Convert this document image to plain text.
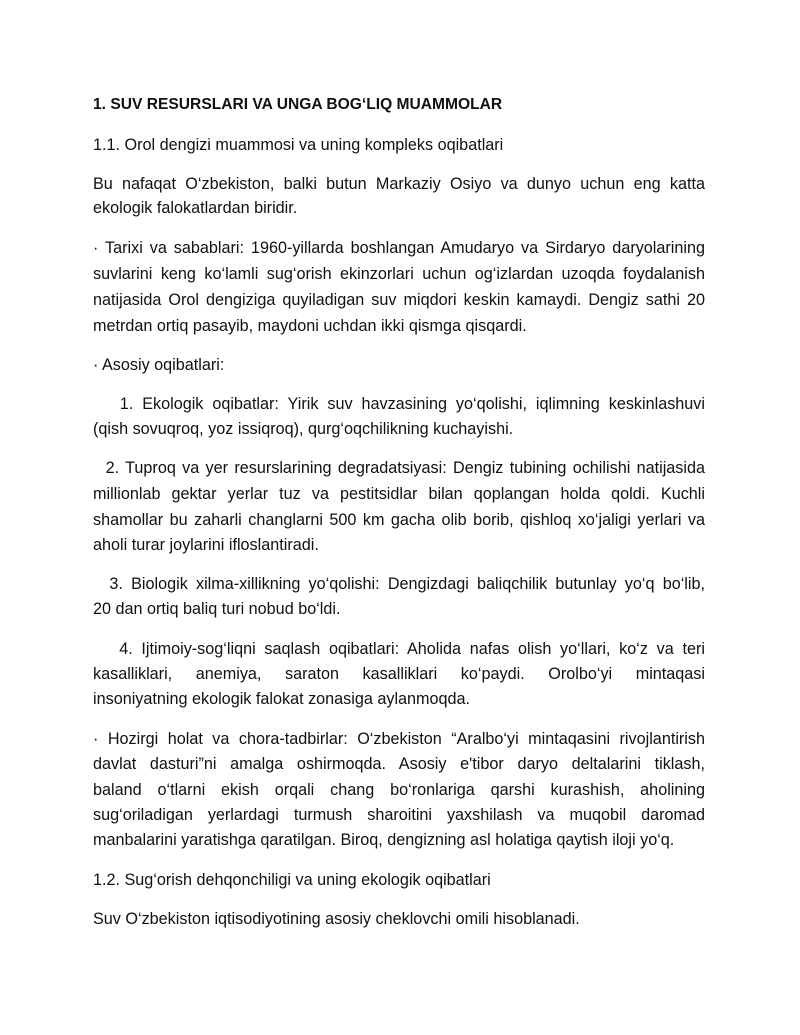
1. SUV RESURSLARI VA UNGA BOG‘LIQ MUAMMOLAR
1.1. Orol dengizi muammosi va uning kompleks oqibatlari
Bu nafaqat O‘zbekiston, balki butun Markaziy Osiyo va dunyo uchun eng katta
ekologik falokatlardan biridir.
· Tarixi va sabablari: 1960-yillarda boshlangan Amudaryo va Sirdaryo daryolarining
suvlarini keng ko‘lamli sug‘orish ekinzorlari uchun og‘izlardan uzoqda foydalanish
natijasida Orol dengiziga quyiladigan suv miqdori keskin kamaydi. Dengiz sathi 20
metrdan ortiq pasayib, maydoni uchdan ikki qismga qisqardi.
· Asosiy oqibatlari:
1. Ekologik oqibatlar: Yirik suv havzasining yo‘qolishi, iqlimning keskinlashuvi
(qish sovuqroq, yoz issiqroq), qurg‘oqchilikning kuchayishi.
2. Tuproq va yer resurslarining degradatsiyasi: Dengiz tubining ochilishi natijasida
millionlab gektar yerlar tuz va pestitsidlar bilan qoplangan holda qoldi. Kuchli
shamollar bu zaharli changlarni 500 km gacha olib borib, qishloq xo‘jaligi yerlari va
aholi turar joylarini ifloslantiradi.
3. Biologik xilma-xillikning yo‘qolishi: Dengizdagi baliqchilik butunlay yo‘q bo‘lib,
20 dan ortiq baliq turi nobud bo‘ldi.
4. Ijtimoiy-sog‘liqni saqlash oqibatlari: Aholida nafas olish yo‘llari, ko‘z va teri
kasalliklari, anemiya, saraton kasalliklari ko‘paydi. Orolbo‘yi mintaqasi
insoniyatning ekologik falokat zonasiga aylanmoqda.
· Hozirgi holat va chora-tadbirlar: O‘zbekiston “Aralbo‘yi mintaqasini rivojlantirish
davlat dasturi”ni amalga oshirmoqda. Asosiy e'tibor daryo deltalarini tiklash,
baland o‘tlarni ekish orqali chang bo‘ronlariga qarshi kurashish, aholining
sug‘oriladigan yerlardagi turmush sharoitini yaxshilash va muqobil daromad
manbalarini yaratishga qaratilgan. Biroq, dengizning asl holatiga qaytish iloji yo‘q.
1.2. Sug‘orish dehqonchiligi va uning ekologik oqibatlari
Suv O‘zbekiston iqtisodiyotining asosiy cheklovchi omili hisoblanadi.
